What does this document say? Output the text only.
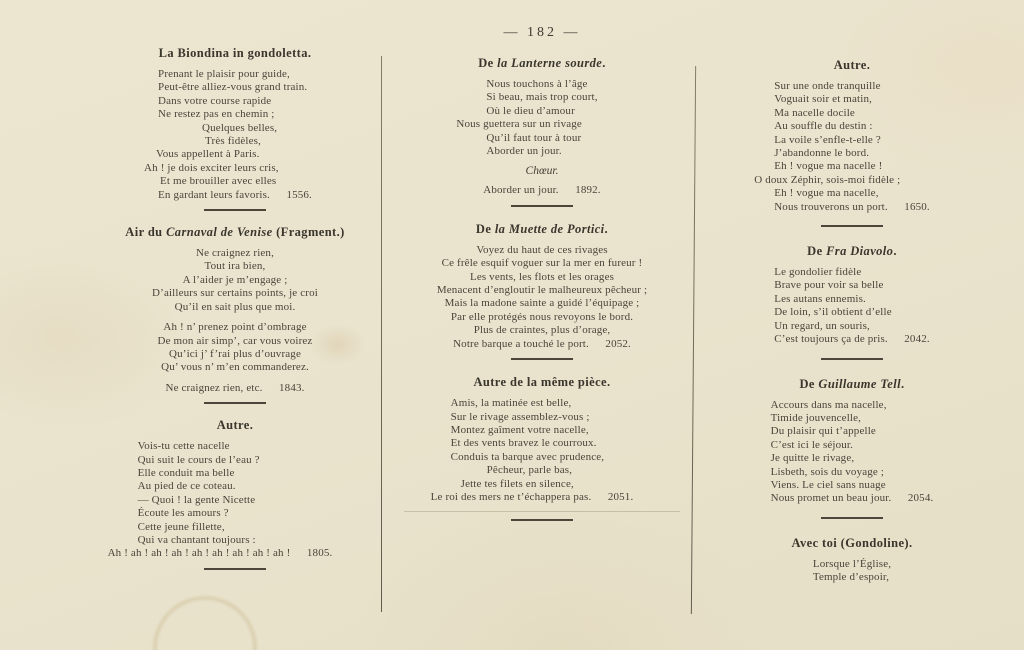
— 182 —
La Biondina in gondoletta.
Prenant le plaisir pour guide,
Peut-être alliez-vous grand train.
Dans votre course rapide
Ne restez pas en chemin ;
Quelques belles,
Très fidèles,
Vous appellent à Paris.
Ah ! je dois exciter leurs cris,
Et me brouiller avec elles
En gardant leurs favoris. 1556.
Air du Carnaval de Venise (Fragment.)
Ne craignez rien,
Tout ira bien,
A l’aider je m’engage ;
D’ailleurs sur certains points, je croi
Qu’il en sait plus que moi.
Ah ! n’ prenez point d’ombrage
De mon air simp’, car vous voirez
Qu’ici j’ f’rai plus d’ouvrage
Qu’ vous n’ m’en commanderez.
Ne craignez rien, etc. 1843.
Autre.
Vois-tu cette nacelle
Qui suit le cours de l’eau ?
Elle conduit ma belle
Au pied de ce coteau.
— Quoi ! la gente Nicette
Écoute les amours ?
Cette jeune fillette,
Qui va chantant toujours :
Ah ! ah ! ah ! ah ! ah ! ah ! ah ! ah ! ah ! 1805.
De la Lanterne sourde.
Nous touchons à l’âge
Si beau, mais trop court,
Où le dieu d’amour
Nous guettera sur un rivage
Qu’il faut tour à tour
Aborder un jour.
Chœur.
Aborder un jour. 1892.
De la Muette de Portici.
Voyez du haut de ces rivages
Ce frêle esquif voguer sur la mer en fureur !
Les vents, les flots et les orages
Menacent d’engloutir le malheureux pêcheur ;
Mais la madone sainte a guidé l’équipage ;
Par elle protégés nous revoyons le bord.
Plus de craintes, plus d’orage,
Notre barque a touché le port. 2052.
Autre de la même pièce.
Amis, la matinée est belle,
Sur le rivage assemblez-vous ;
Montez gaîment votre nacelle,
Et des vents bravez le courroux.
Conduis ta barque avec prudence,
Pêcheur, parle bas,
Jette tes filets en silence,
Le roi des mers ne t’échappera pas. 2051.
Autre.
Sur une onde tranquille
Voguait soir et matin,
Ma nacelle docile
Au souffle du destin :
La voile s’enfle-t-elle ?
J’abandonne le bord.
Eh ! vogue ma nacelle !
O doux Zéphir, sois-moi fidèle ;
Eh ! vogue ma nacelle,
Nous trouverons un port. 1650.
De Fra Diavolo.
Le gondolier fidèle
Brave pour voir sa belle
Les autans ennemis.
De loin, s’il obtient d’elle
Un regard, un souris,
C’est toujours ça de pris. 2042.
De Guillaume Tell.
Accours dans ma nacelle,
Timide jouvencelle,
Du plaisir qui t’appelle
C’est ici le séjour.
Je quitte le rivage,
Lisbeth, sois du voyage ;
Viens. Le ciel sans nuage
Nous promet un beau jour. 2054.
Avec toi (Gondoline).
Lorsque l’Église,
Temple d’espoir,
